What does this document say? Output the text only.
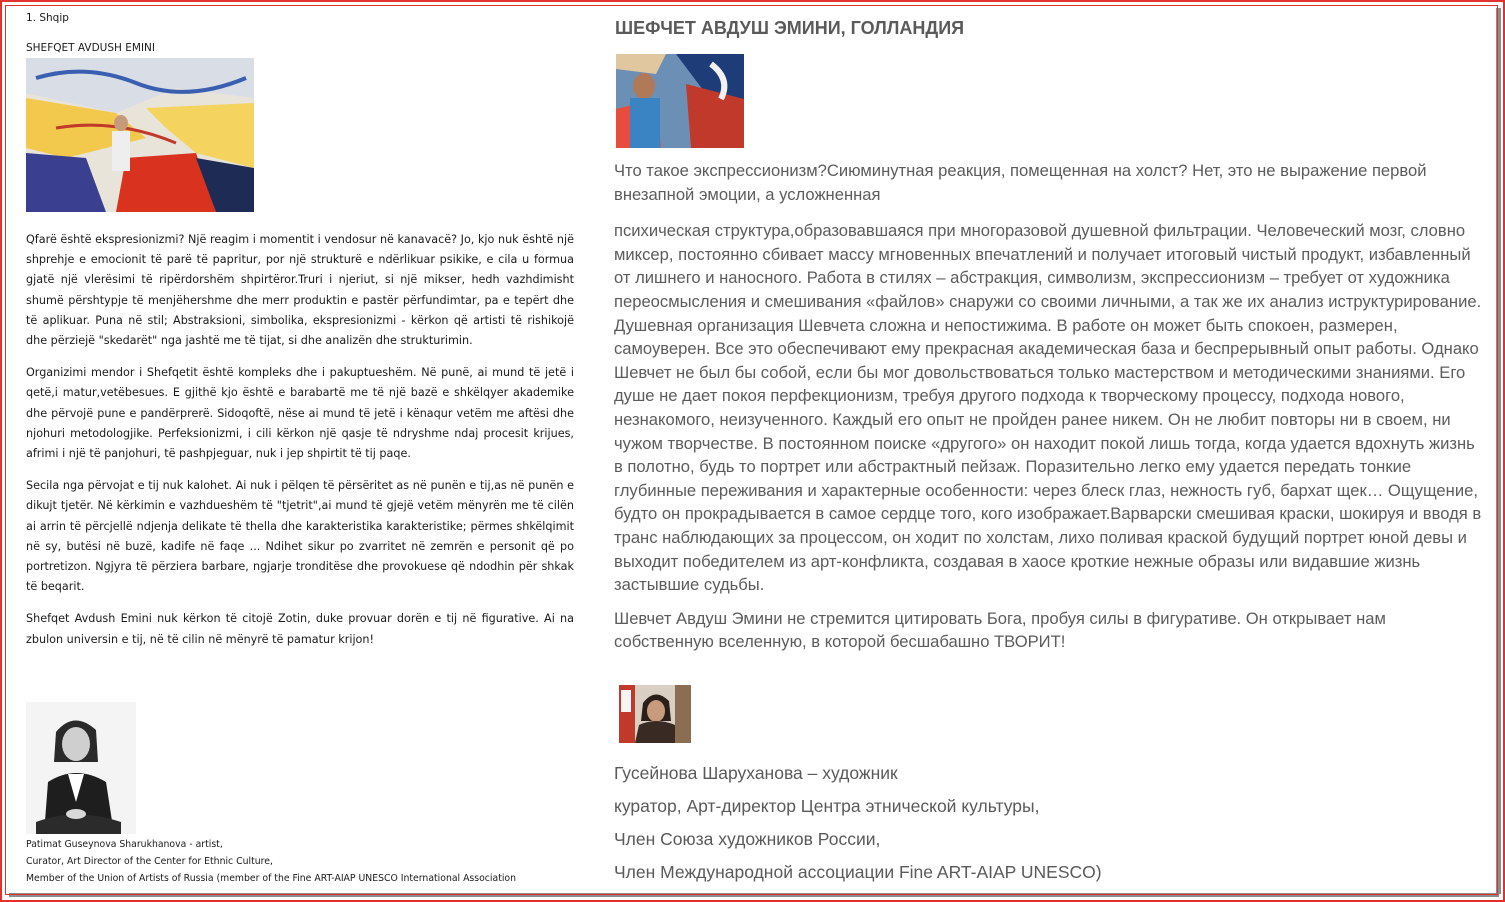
1. Shqip
SHEFQET AVDUSH EMINI

Qfarë është ekspresionizmi? Një reagim i momentit i vendosur në kanavacë? Jo, kjo nuk është një shprehje e emocionit të parë të papritur, por një strukturë e ndërlikuar psikike, e cila u formua gjatë një vlerësimi të ripërdorshëm shpirtëror.Truri i njeriut, si një mikser, hedh vazhdimisht shumë përshtypje të menjëhershme dhe merr produktin e pastër përfundimtar, pa e tepërt dhe të aplikuar. Puna në stil; Abstraksioni, simbolika, ekspresionizmi - kërkon që artisti të rishikojë dhe përziejë "skedarët" nga jashtë me të tijat, si dhe analizën dhe strukturimin.

Organizimi mendor i Shefqetit është kompleks dhe i pakuptueshëm. Në punë, ai mund të jetë i qetë,i matur,vetëbesues. E gjithë kjo është e barabartë me të një bazë e shkëlqyer akademike dhe përvojë pune e pandërprerë. Sidoqoftë, nëse ai mund të jetë i kënaqur vetëm me aftësi dhe njohuri metodologjike. Perfeksionizmi, i cili kërkon një qasje të ndryshme ndaj procesit krijues, afrimi i një të panjohuri, të pashpjeguar, nuk i jep shpirtit të tij paqe.

Secila nga përvojat e tij nuk kalohet. Ai nuk i pëlqen të përsëritet as në punën e tij,as në punën e dikujt tjetër. Në kërkimin e vazhdueshëm të "tjetrit",ai mund të gjejë vetëm mënyrën me të cilën ai arrin të përcjellë ndjenja delikate të thella dhe karakteristika karakteristike; përmes shkëlqimit në sy, butësi në buzë, kadife në faqe ... Ndihet sikur po zvarritet në zemrën e personit që po portretizon. Ngjyra të përziera barbare, ngjarje tronditëse dhe provokuese që ndodhin për shkak të beqarit.

Shefqet Avdush Emini nuk kërkon të citojë Zotin, duke provuar dorën e tij në figurative. Ai na zbulon universin e tij, në të cilin në mënyrë të pamatur krijon!

Patimat Guseynova Sharukhanova - artist,
Curator, Art Director of the Center for Ethnic Culture,
Member of the Union of Artists of Russia (member of the Fine ART-AIAP UNESCO International Association
ШЕФЧЕТ АВДУШ ЭМИНИ, ГОЛЛАНДИЯ

Что такое экспрессионизм?Сиюминутная реакция, помещенная на холст? Нет, это не выражение первой внезапной эмоции, а усложненная

психическая структура,образовавшаяся при многоразовой душевной фильтрации. Человеческий мозг, словно миксер, постоянно сбивает массу мгновенных впечатлений и получает итоговый чистый продукт, избавленный от лишнего и наносного. Работа в стилях – абстракция, символизм, экспрессионизм – требует от художника переосмысления и смешивания «файлов» снаружи со своими личными, а так же их анализ иструктурирование. Душевная организация Шевчета сложна и непостижима. В работе он может быть спокоен, размерен, самоуверен. Все это обеспечивают ему прекрасная академическая база и беспрерывный опыт работы. Однако Шевчет не был бы собой, если бы мог довольствоваться только мастерством и методическими знаниями. Его душе не дает покоя перфекционизм, требуя другого подхода к творческому процессу, подхода нового, незнакомого, неизученного. Каждый его опыт не пройден ранее никем. Он не любит повторы ни в своем, ни чужом творчестве. В постоянном поиске «другого» он находит покой лишь тогда, когда удается вдохнуть жизнь в полотно, будь то портрет или абстрактный пейзаж. Поразительно легко ему удается передать тонкие глубинные переживания и характерные особенности: через блеск глаз, нежность губ, бархат щек… Ощущение, будто он прокрадывается в самое сердце того, кого изображает.Варварски смешивая краски, шокируя и вводя в транс наблюдающих за процессом, он ходит по холстам, лихо поливая краской будущий портрет юной девы и выходит победителем из арт-конфликта, создавая в хаосе кроткие нежные образы или видавшие жизнь застывшие судьбы.

Шевчет Авдуш Эмини не стремится цитировать Бога, пробуя силы в фигуративе. Он открывает нам собственную вселенную, в которой бесшабашно ТВОРИТ!

Гусейнова Шаруханова – художник
куратор, Арт-директор Центра этнической культуры,
Член Союза художников России,
Член Международной ассоциации Fine ART-AIAP UNESCO)
